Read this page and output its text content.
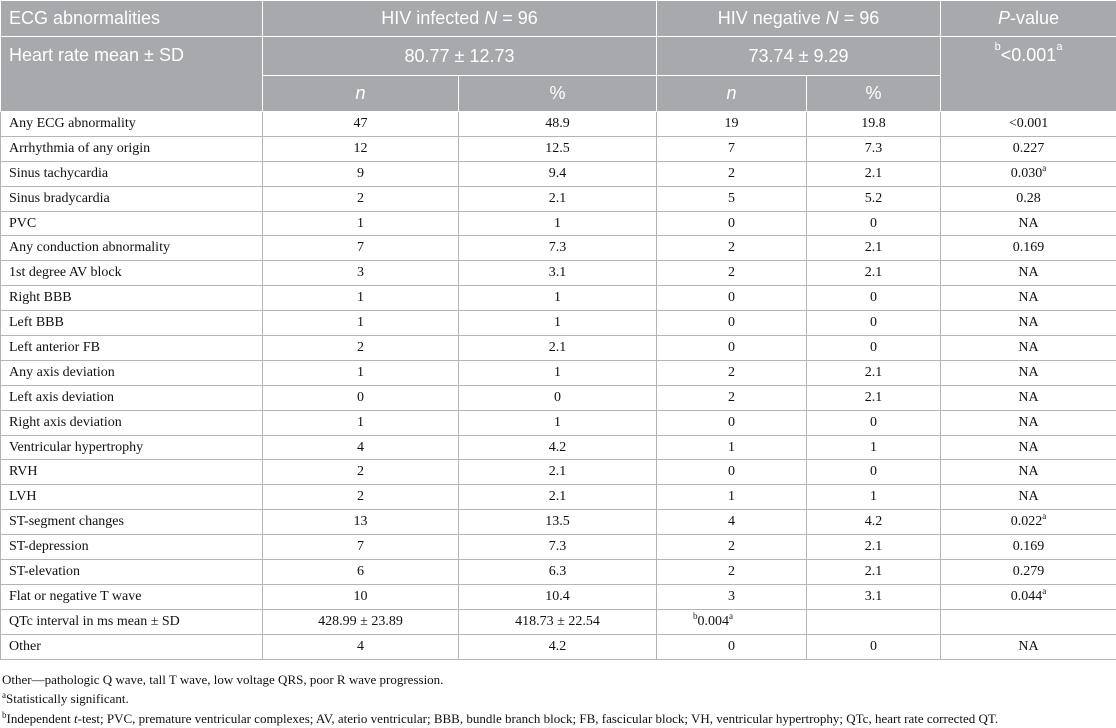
ECG abnormalities	HIV infected N = 96		HIV negative N = 96		P-value
Heart rate mean ± SD	80.77 ± 12.73		73.74 ± 9.29		$^b$<0.001$^a$
	n	%	n	%	
Any ECG abnormality	47	48.9	19	19.8	<0.001
Arrhythmia of any origin	12	12.5	7	7.3	0.227
Sinus tachycardia	9	9.4	2	2.1	0.030$^a$
Sinus bradycardia	2	2.1	5	5.2	0.28
PVC	1	1	0	0	NA
Any conduction abnormality	7	7.3	2	2.1	0.169
1st degree AV block	3	3.1	2	2.1	NA
Right BBB	1	1	0	0	NA
Left BBB	1	1	0	0	NA
Left anterior FB	2	2.1	0	0	NA
Any axis deviation	1	1	2	2.1	NA
Left axis deviation	0	0	2	2.1	NA
Right axis deviation	1	1	0	0	NA
Ventricular hypertrophy	4	4.2	1	1	NA
RVH	2	2.1	0	0	NA
LVH	2	2.1	1	1	NA
ST-segment changes	13	13.5	4	4.2	0.022$^a$
ST-depression	7	7.3	2	2.1	0.169
ST-elevation	6	6.3	2	2.1	0.279
Flat or negative T wave	10	10.4	3	3.1	0.044$^a$
QTc interval in ms mean ± SD	428.99 ± 23.89	418.73 ± 22.54	$^b$0.004$^a$		
Other	4	4.2	0	0	NA
Other—pathologic Q wave, tall T wave, low voltage QRS, poor R wave progression.
$^a$Statistically significant.
$^b$Independent t-test; PVC, premature ventricular complexes; AV, aterio ventricular; BBB, bundle branch block; FB, fascicular block; VH, ventricular hypertrophy; QTc, heart rate corrected QT.
